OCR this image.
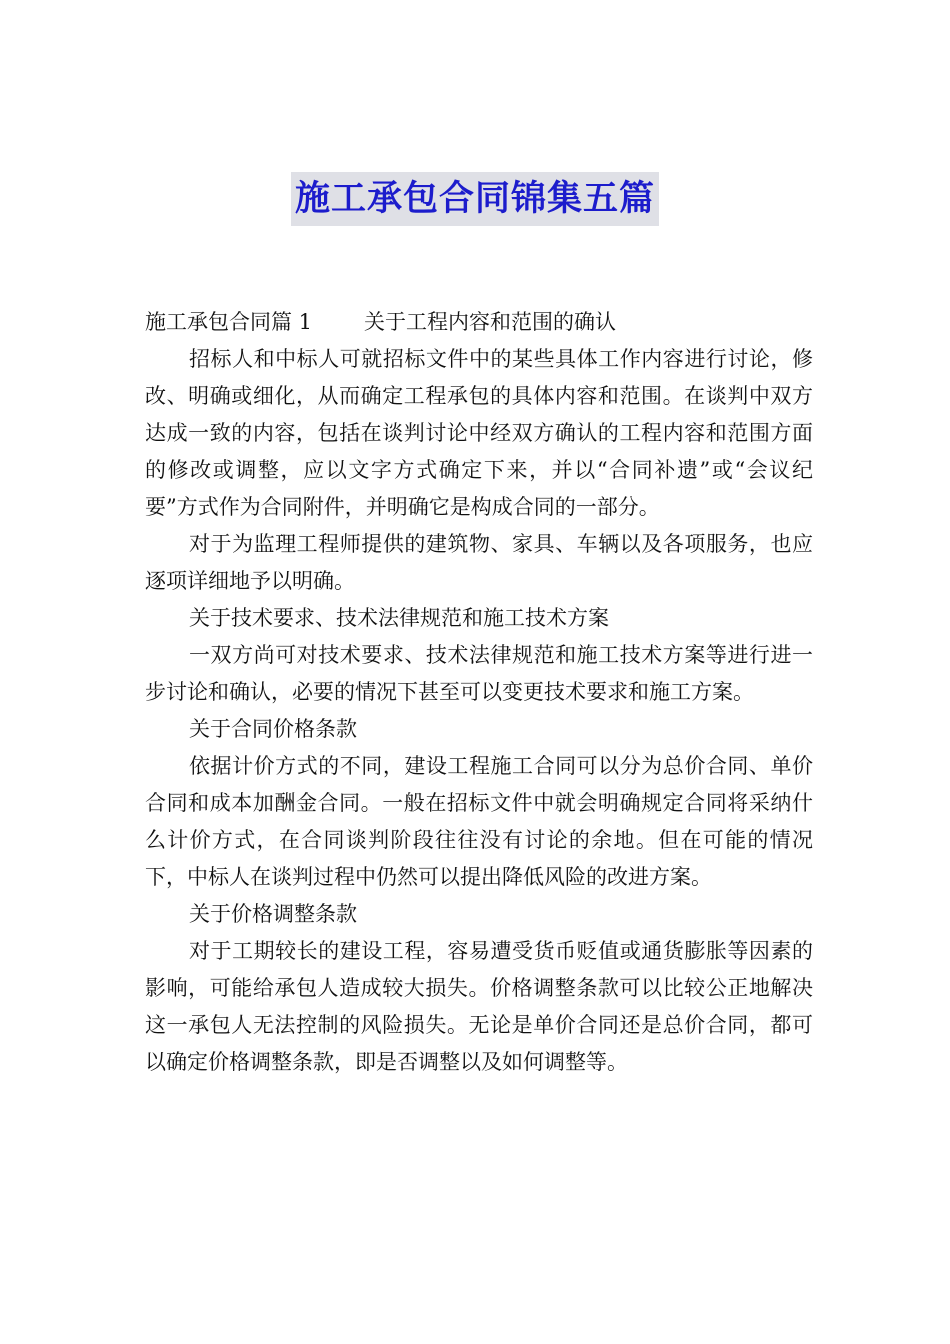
施工承包合同锦集五篇

施工承包合同篇 1 关于工程内容和范围的确认

招标人和中标人可就招标文件中的某些具体工作内容进行讨论，修改、明确或细化，从而确定工程承包的具体内容和范围。在谈判中双方达成一致的内容，包括在谈判讨论中经双方确认的工程内容和范围方面的修改或调整，应以文字方式确定下来，并以“合同补遗”或“会议纪要”方式作为合同附件，并明确它是构成合同的一部分。

对于为监理工程师提供的建筑物、家具、车辆以及各项服务，也应逐项详细地予以明确。

关于技术要求、技术法律规范和施工技术方案

一双方尚可对技术要求、技术法律规范和施工技术方案等进行进一步讨论和确认，必要的情况下甚至可以变更技术要求和施工方案。

关于合同价格条款

依据计价方式的不同，建设工程施工合同可以分为总价合同、单价合同和成本加酬金合同。一般在招标文件中就会明确规定合同将采纳什么计价方式，在合同谈判阶段往往没有讨论的余地。但在可能的情况下，中标人在谈判过程中仍然可以提出降低风险的改进方案。

关于价格调整条款

对于工期较长的建设工程，容易遭受货币贬值或通货膨胀等因素的影响，可能给承包人造成较大损失。价格调整条款可以比较公正地解决这一承包人无法控制的风险损失。无论是单价合同还是总价合同，都可以确定价格调整条款，即是否调整以及如何调整等。
